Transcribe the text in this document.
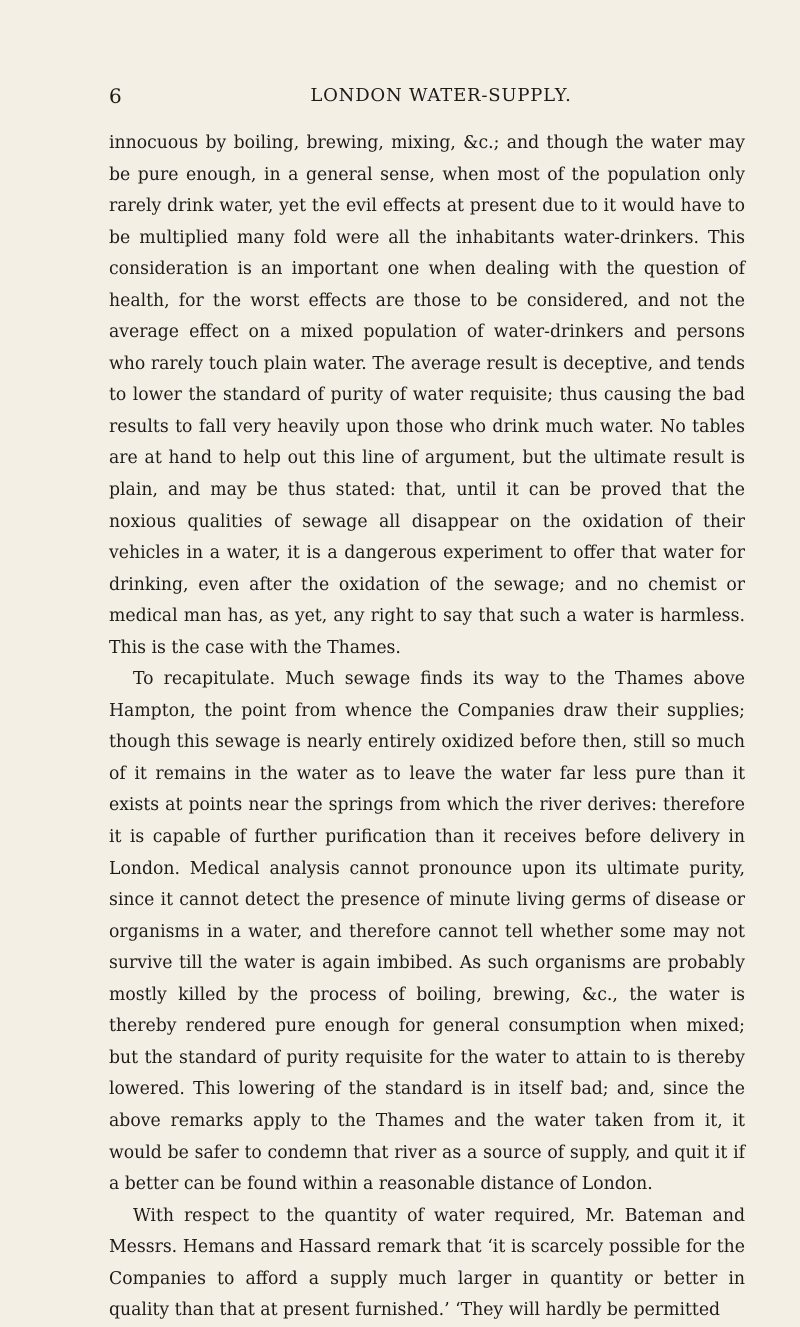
6	LONDON WATER-SUPPLY.

innocuous by boiling, brewing, mixing, &c.; and though the water may be pure enough, in a general sense, when most of the population only rarely drink water, yet the evil effects at present due to it would have to be multiplied many fold were all the inhabitants water-drinkers. This consideration is an important one when dealing with the question of health, for the worst effects are those to be considered, and not the average effect on a mixed population of water-drinkers and persons who rarely touch plain water. The average result is deceptive, and tends to lower the standard of purity of water requisite; thus causing the bad results to fall very heavily upon those who drink much water. No tables are at hand to help out this line of argument, but the ultimate result is plain, and may be thus stated: that, until it can be proved that the noxious qualities of sewage all disappear on the oxidation of their vehicles in a water, it is a dangerous experiment to offer that water for drinking, even after the oxidation of the sewage; and no chemist or medical man has, as yet, any right to say that such a water is harmless. This is the case with the Thames.

To recapitulate. Much sewage finds its way to the Thames above Hampton, the point from whence the Companies draw their supplies; though this sewage is nearly entirely oxidized before then, still so much of it remains in the water as to leave the water far less pure than it exists at points near the springs from which the river derives: therefore it is capable of further purification than it receives before delivery in London. Medical analysis cannot pronounce upon its ultimate purity, since it cannot detect the presence of minute living germs of disease or organisms in a water, and therefore cannot tell whether some may not survive till the water is again imbibed. As such organisms are probably mostly killed by the process of boiling, brewing, &c., the water is thereby rendered pure enough for general consumption when mixed; but the standard of purity requisite for the water to attain to is thereby lowered. This lowering of the standard is in itself bad; and, since the above remarks apply to the Thames and the water taken from it, it would be safer to condemn that river as a source of supply, and quit it if a better can be found within a reasonable distance of London.

With respect to the quantity of water required, Mr. Bateman and Messrs. Hemans and Hassard remark that ‘it is scarcely possible for the Companies to afford a supply much larger in quantity or better in quality than that at present furnished.’ ‘They will hardly be permitted
